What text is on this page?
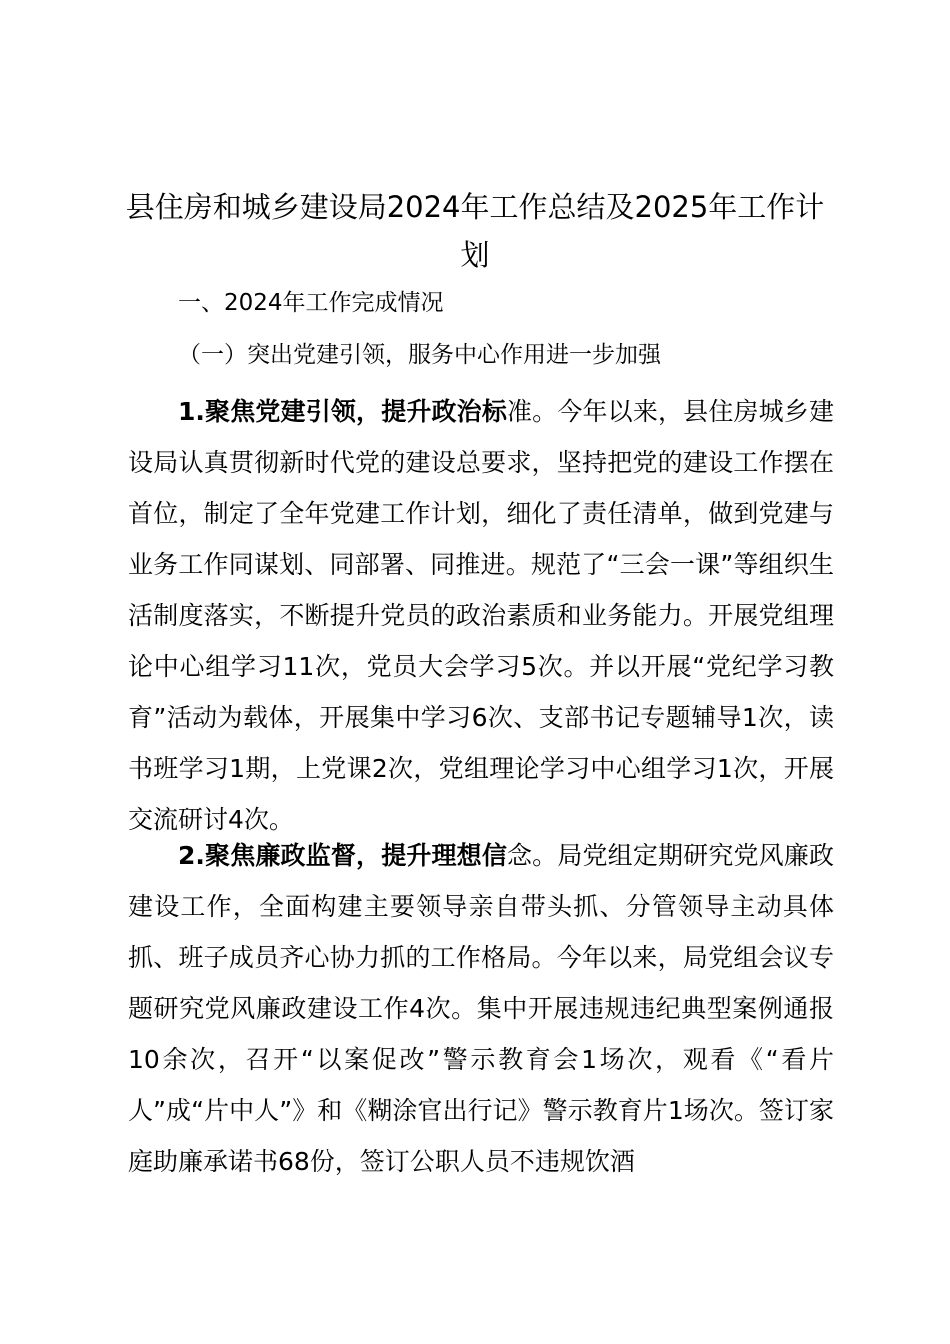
县住房和城乡建设局2024年工作总结及2025年工作计划
一、2024年工作完成情况
（一）突出党建引领，服务中心作用进一步加强

1.聚焦党建引领，提升政治标准。今年以来，县住房城乡建设局认真贯彻新时代党的建设总要求，坚持把党的建设工作摆在首位，制定了全年党建工作计划，细化了责任清单，做到党建与业务工作同谋划、同部署、同推进。规范了“三会一课”等组织生活制度落实，不断提升党员的政治素质和业务能力。开展党组理论中心组学习11次，党员大会学习5次。并以开展“党纪学习教育”活动为载体，开展集中学习6次、支部书记专题辅导1次，读书班学习1期，上党课2次，党组理论学习中心组学习1次，开展交流研讨4次。

2.聚焦廉政监督，提升理想信念。局党组定期研究党风廉政建设工作，全面构建主要领导亲自带头抓、分管领导主动具体抓、班子成员齐心协力抓的工作格局。今年以来，局党组会议专题研究党风廉政建设工作4次。集中开展违规违纪典型案例通报10余次，召开“以案促改”警示教育会1场次，观看《“看片人”成“片中人”》和《糊涂官出行记》警示教育片1场次。签订家庭助廉承诺书68份，签订公职人员不违规饮酒
